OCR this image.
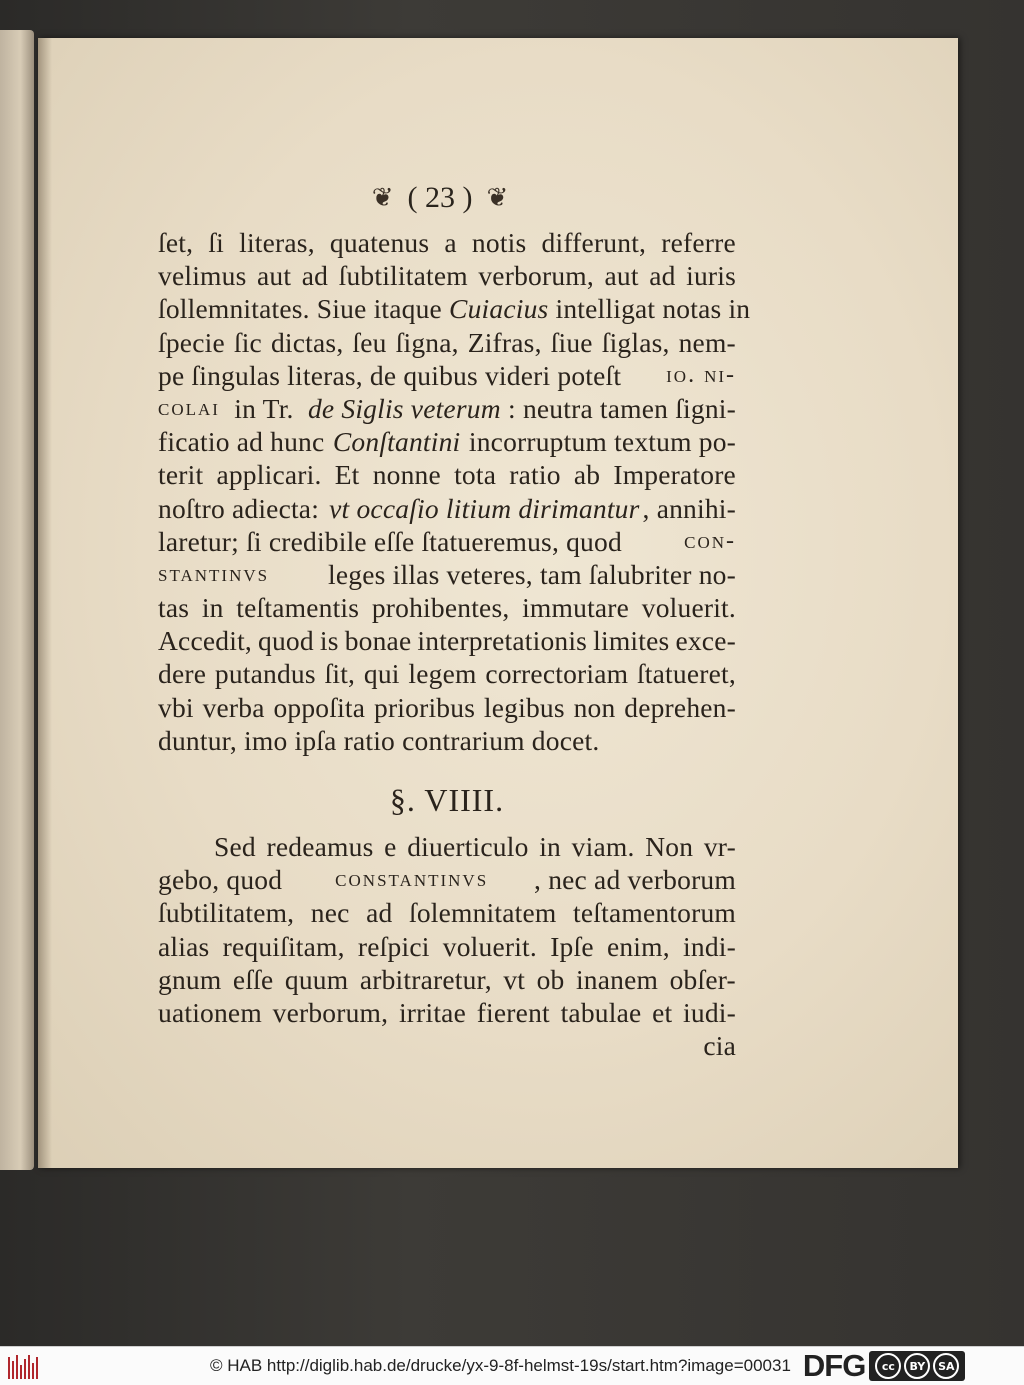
❦ ( 23 ) ❦
ſet, ſi literas, quatenus a notis differunt, referre
velimus aut ad ſubtilitatem verborum, aut ad iuris
ſollemnitates. Siue itaque Cuiacius intelligat notas in
ſpecie ſic dictas, ſeu ſigna, Zifras, ſiue ſiglas, nem-
pe ſingulas literas, de quibus videri poteſt io. ni-
colai in Tr. de Siglis veterum : neutra tamen ſigni-
ficatio ad hunc Conſtantini incorruptum textum po-
terit applicari. Et nonne tota ratio ab Imperatore
noſtro adiecta: vt occaſio litium dirimantur , annihi-
laretur; ſi credibile eſſe ſtatueremus, quod con-
stantinvs leges illas veteres, tam ſalubriter no-
tas in teſtamentis prohibentes, immutare voluerit.
Accedit, quod is bonae interpretationis limites exce-
dere putandus ſit, qui legem correctoriam ſtatueret,
vbi verba oppoſita prioribus legibus non deprehen-
duntur, imo ipſa ratio contrarium docet.
§. VIIII.
Sed redeamus e diuerticulo in viam. Non vr-
gebo, quod constantinvs , nec ad verborum
ſubtilitatem, nec ad ſolemnitatem teſtamentorum
alias requiſitam, reſpici voluerit. Ipſe enim, indi-
gnum eſſe quum arbitraretur, vt ob inanem obſer-
uationem verborum, irritae fierent tabulae et iudi-
cia
© HAB http://diglib.hab.de/drucke/yx-9-8f-helmst-19s/start.htm?image=00031 DFG	cc	BY	SA
